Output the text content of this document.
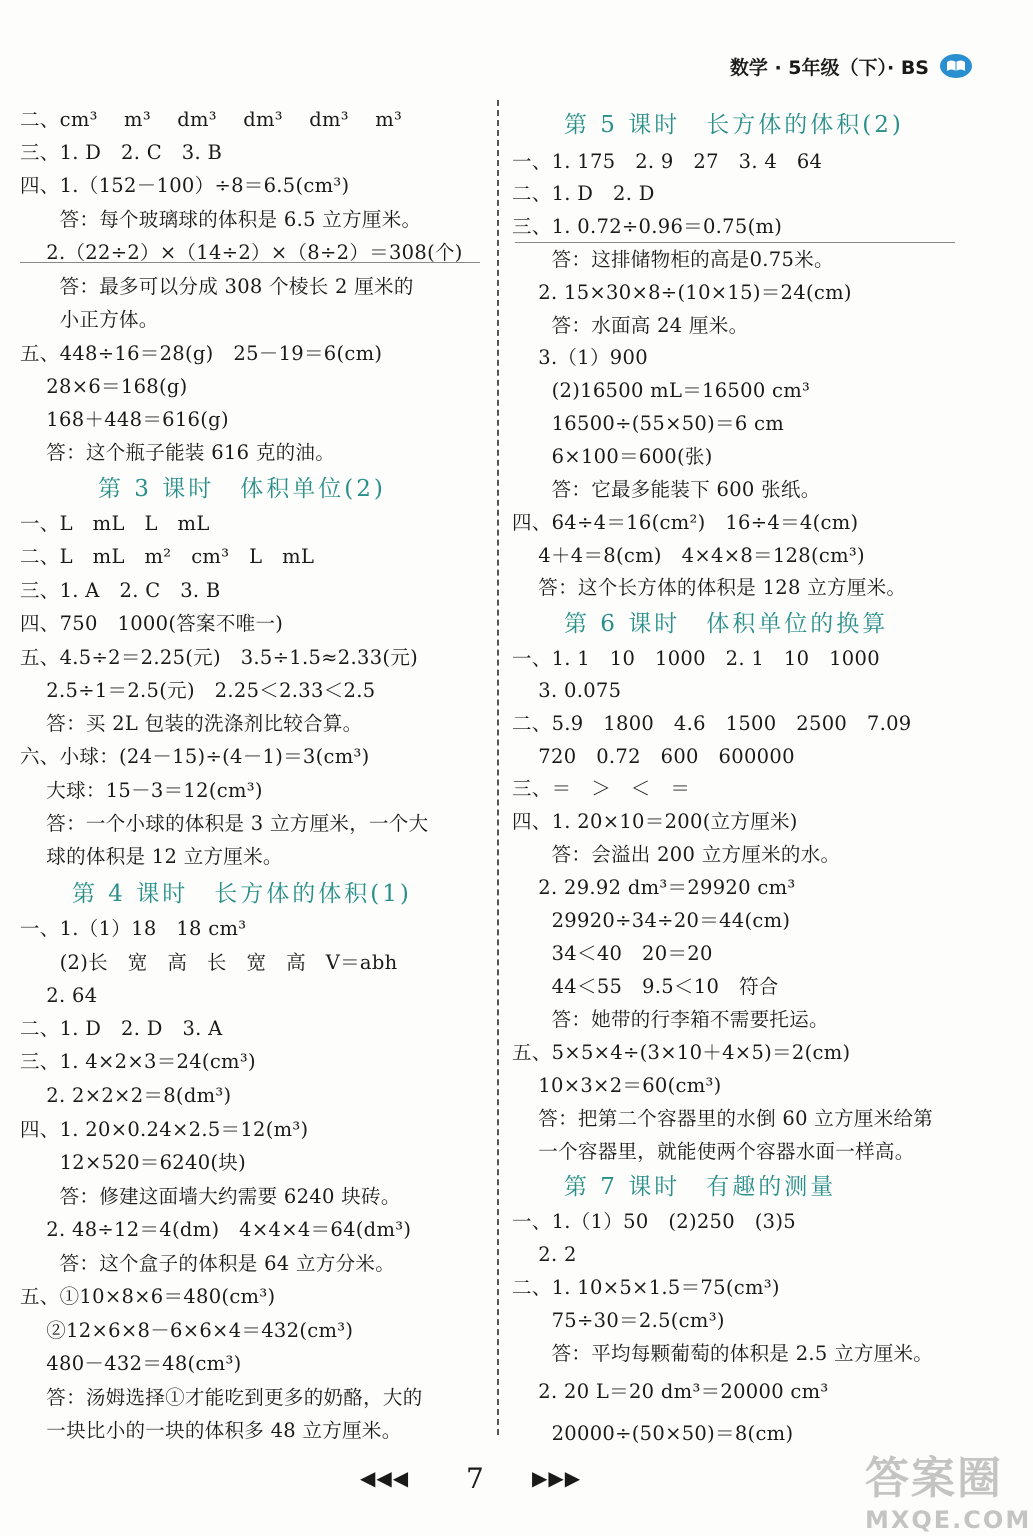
数学 · 5年级（下）· BS
二、cm³　 m³　 dm³　 dm³　 dm³　 m³
三、1. D　2. C　3. B
四、1.（152－100）÷8＝6.5(cm³)
　　答：每个玻璃球的体积是 6.5 立方厘米。
　 2.（22÷2）×（14÷2）×（8÷2）＝308(个)
　　答：最多可以分成 308 个棱长 2 厘米的
　　小正方体。
五、448÷16＝28(g)　25－19＝6(cm)
　 28×6＝168(g)
　 168＋448＝616(g)
　 答：这个瓶子能装 616 克的油。
　　　第 3 课时　体积单位(2)
一、L　mL　L　mL
二、L　mL　m²　cm³　L　mL
三、1. A　2. C　3. B
四、750　1000(答案不唯一)
五、4.5÷2＝2.25(元)　3.5÷1.5≈2.33(元)
　 2.5÷1＝2.5(元)　2.25＜2.33＜2.5
　 答：买 2L 包装的洗涤剂比较合算。
六、小球：(24－15)÷(4－1)＝3(cm³)
　 大球：15－3＝12(cm³)
　 答：一个小球的体积是 3 立方厘米，一个大
　 球的体积是 12 立方厘米。
　　第 4 课时　长方体的体积(1)
一、1.（1）18　18 cm³
　　(2)长　宽　高　长　宽　高　V＝abh
　 2. 64
二、1. D　2. D　3. A
三、1. 4×2×3＝24(cm³)
　 2. 2×2×2＝8(dm³)
四、1. 20×0.24×2.5＝12(m³)
　　12×520＝6240(块)
　　答：修建这面墙大约需要 6240 块砖。
　 2. 48÷12＝4(dm)　4×4×4＝64(dm³)
　　答：这个盒子的体积是 64 立方分米。
五、①10×8×6＝480(cm³)
　 ②12×6×8－6×6×4＝432(cm³)
　 480－432＝48(cm³)
　 答：汤姆选择①才能吃到更多的奶酪，大的
　 一块比小的一块的体积多 48 立方厘米。
　　第 5 课时　长方体的体积(2)
一、1. 175　2. 9　27　3. 4　64
二、1. D　2. D
三、1. 0.72÷0.96＝0.75(m)
　　答：这排储物柜的高是0.75米。
　 2. 15×30×8÷(10×15)＝24(cm)
　　答：水面高 24 厘米。
　 3.（1）900
　　(2)16500 mL＝16500 cm³
　　16500÷(55×50)＝6 cm
　　6×100＝600(张)
　　答：它最多能装下 600 张纸。
四、64÷4＝16(cm²)　16÷4＝4(cm)
　 4＋4＝8(cm)　4×4×8＝128(cm³)
　 答：这个长方体的体积是 128 立方厘米。
　　第 6 课时　体积单位的换算
一、1. 1　10　1000　2. 1　10　1000
　 3. 0.075
二、5.9　1800　4.6　1500　2500　7.09
　 720　0.72　600　600000
三、＝　＞　＜　＝
四、1. 20×10＝200(立方厘米)
　　答：会溢出 200 立方厘米的水。
　 2. 29.92 dm³＝29920 cm³
　　29920÷34÷20＝44(cm)
　　34＜40　20＝20
　　44＜55　9.5＜10　符合
　　答：她带的行李箱不需要托运。
五、5×5×4÷(3×10＋4×5)＝2(cm)
　 10×3×2＝60(cm³)
　 答：把第二个容器里的水倒 60 立方厘米给第
　 一个容器里，就能使两个容器水面一样高。
　　第 7 课时　有趣的测量
一、1.（1）50　(2)250　(3)5
　 2. 2
二、1. 10×5×1.5＝75(cm³)
　　75÷30＝2.5(cm³)
　　答：平均每颗葡萄的体积是 2.5 立方厘米。
　 2. 20 L＝20 dm³＝20000 cm³
　　20000÷(50×50)＝8(cm)
◀◀◀ 7 ▶▶▶	答案圈
MXQE.COM
